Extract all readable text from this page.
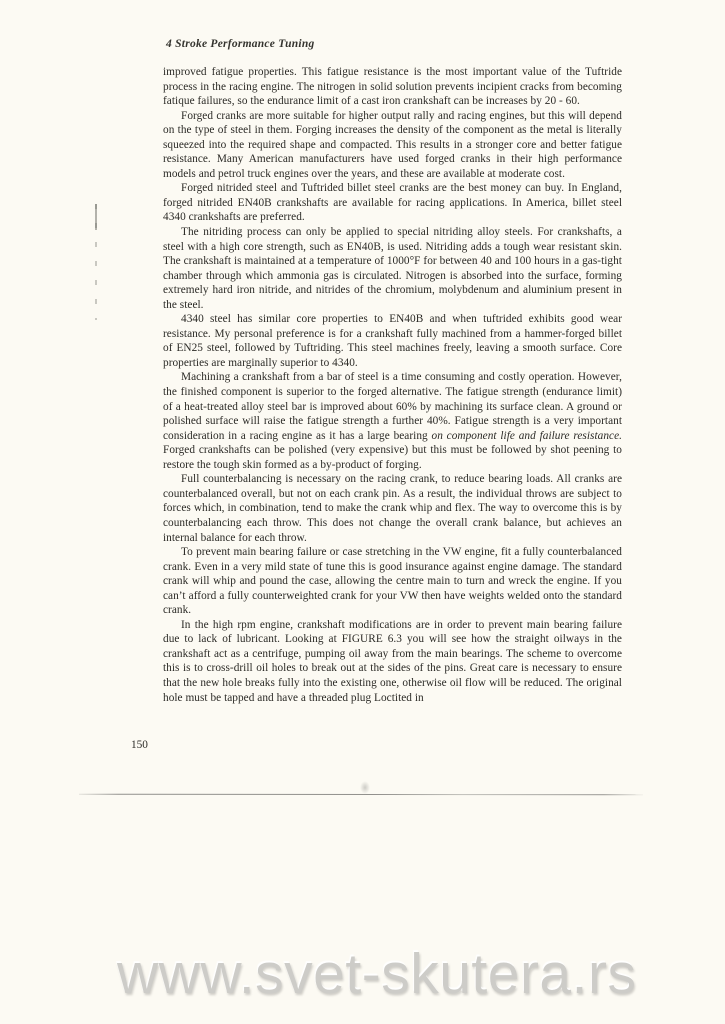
4 Stroke Performance Tuning

improved fatigue properties. This fatigue resistance is the most important value of the Tuftride process in the racing engine. The nitrogen in solid solution prevents incipient cracks from becoming fatique failures, so the endurance limit of a cast iron crankshaft can be increases by 20 - 60.

Forged cranks are more suitable for higher output rally and racing engines, but this will depend on the type of steel in them. Forging increases the density of the component as the metal is literally squeezed into the required shape and compacted. This results in a stronger core and better fatigue resistance. Many American manufacturers have used forged cranks in their high performance models and petrol truck engines over the years, and these are available at moderate cost.

Forged nitrided steel and Tuftrided billet steel cranks are the best money can buy. In England, forged nitrided EN40B crankshafts are available for racing applications. In America, billet steel 4340 crankshafts are preferred.

The nitriding process can only be applied to special nitriding alloy steels. For crankshafts, a steel with a high core strength, such as EN40B, is used. Nitriding adds a tough wear resistant skin. The crankshaft is maintained at a temperature of 1000°F for between 40 and 100 hours in a gas-tight chamber through which ammonia gas is circulated. Nitrogen is absorbed into the surface, forming extremely hard iron nitride, and nitrides of the chromium, molybdenum and aluminium present in the steel.

4340 steel has similar core properties to EN40B and when tuftrided exhibits good wear resistance. My personal preference is for a crankshaft fully machined from a hammer-forged billet of EN25 steel, followed by Tuftriding. This steel machines freely, leaving a smooth surface. Core properties are marginally superior to 4340.

Machining a crankshaft from a bar of steel is a time consuming and costly operation. However, the finished component is superior to the forged alternative. The fatigue strength (endurance limit) of a heat-treated alloy steel bar is improved about 60% by machining its surface clean. A ground or polished surface will raise the fatigue strength a further 40%. Fatigue strength is a very important consideration in a racing engine as it has a large bearing on component life and failure resistance. Forged crankshafts can be polished (very expensive) but this must be followed by shot peening to restore the tough skin formed as a by-product of forging.

Full counterbalancing is necessary on the racing crank, to reduce bearing loads. All cranks are counterbalanced overall, but not on each crank pin. As a result, the individual throws are subject to forces which, in combination, tend to make the crank whip and flex. The way to overcome this is by counterbalancing each throw. This does not change the overall crank balance, but achieves an internal balance for each throw.

To prevent main bearing failure or case stretching in the VW engine, fit a fully counterbalanced crank. Even in a very mild state of tune this is good insurance against engine damage. The standard crank will whip and pound the case, allowing the centre main to turn and wreck the engine. If you can’t afford a fully counterweighted crank for your VW then have weights welded onto the standard crank.

In the high rpm engine, crankshaft modifications are in order to prevent main bearing failure due to lack of lubricant. Looking at FIGURE 6.3 you will see how the straight oilways in the crankshaft act as a centrifuge, pumping oil away from the main bearings. The scheme to overcome this is to cross-drill oil holes to break out at the sides of the pins. Great care is necessary to ensure that the new hole breaks fully into the existing one, otherwise oil flow will be reduced. The original hole must be tapped and have a threaded plug Loctited in

150
www.svet-skutera.rs
